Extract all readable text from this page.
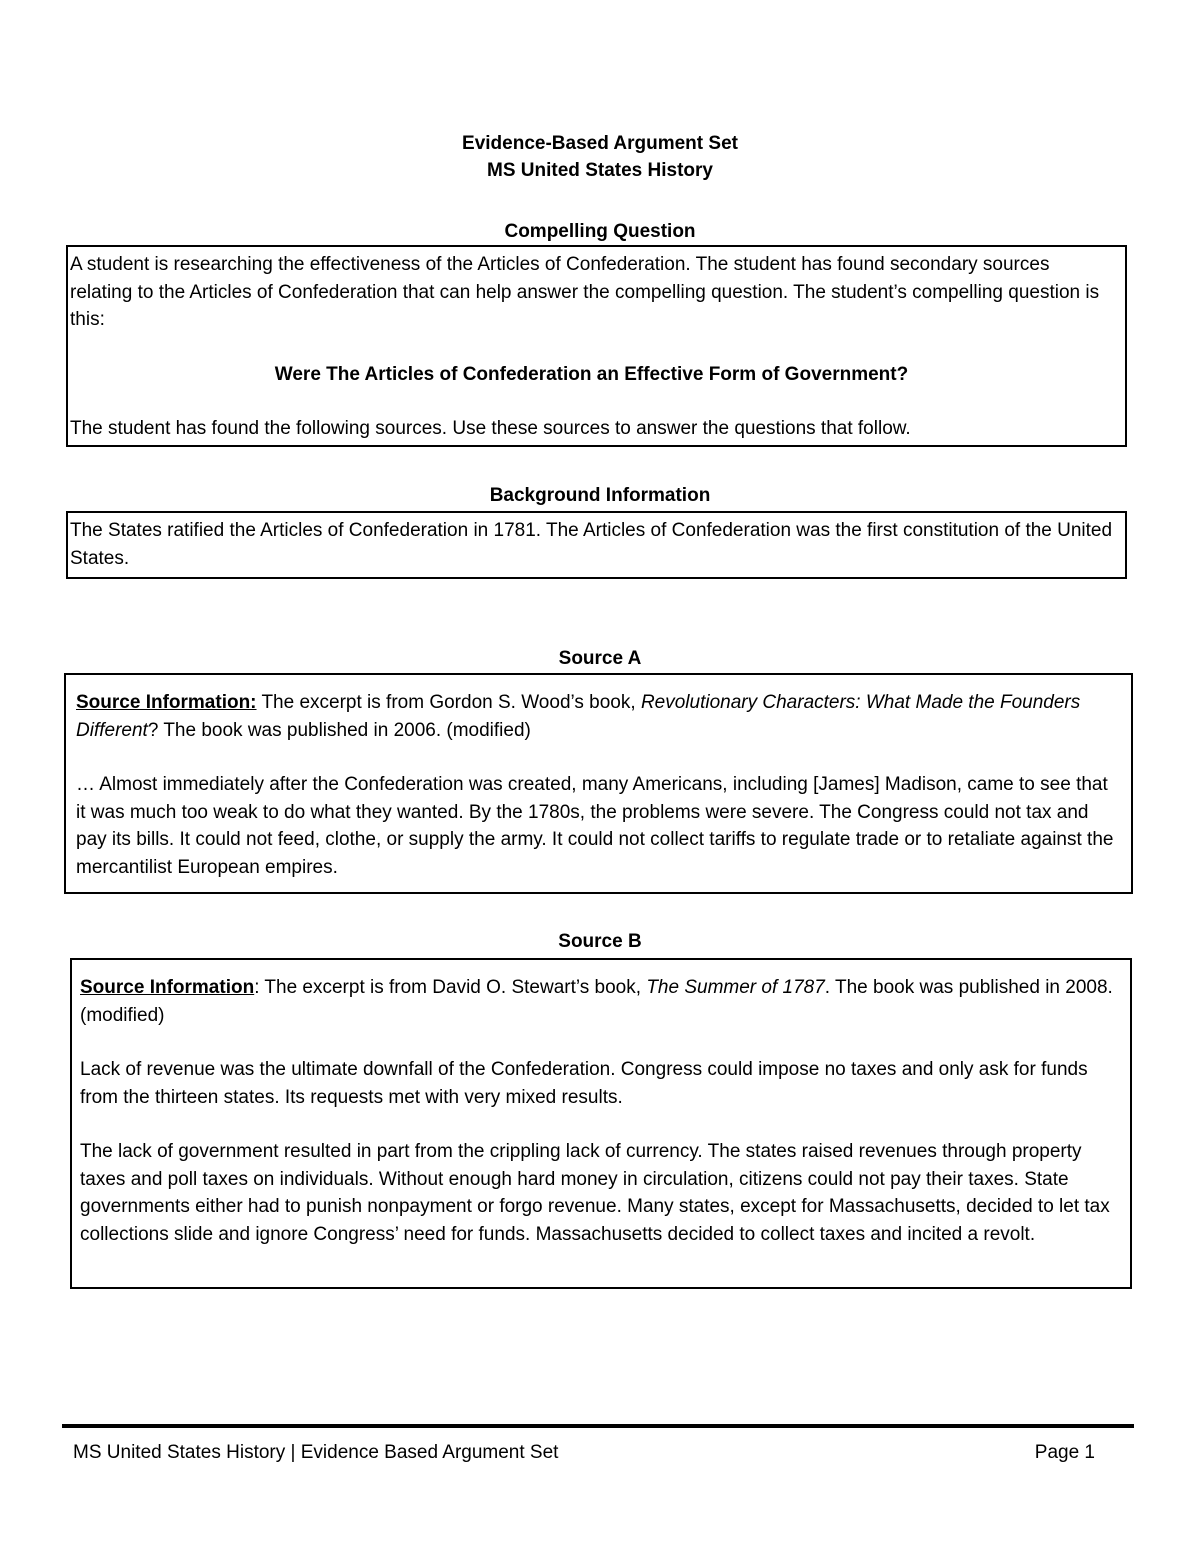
Evidence-Based Argument Set
MS United States History
Compelling Question

A student is researching the effectiveness of the Articles of Confederation. The student has found secondary sources relating to the Articles of Confederation that can help answer the compelling question. The student’s compelling question is this:

Were The Articles of Confederation an Effective Form of Government?

The student has found the following sources. Use these sources to answer the questions that follow.

Background Information

The States ratified the Articles of Confederation in 1781. The Articles of Confederation was the first constitution of the United States.

Source A

Source Information: The excerpt is from Gordon S. Wood’s book, Revolutionary Characters: What Made the Founders Different? The book was published in 2006. (modified)

… Almost immediately after the Confederation was created, many Americans, including [James] Madison, came to see that it was much too weak to do what they wanted. By the 1780s, the problems were severe. The Congress could not tax and pay its bills. It could not feed, clothe, or supply the army. It could not collect tariffs to regulate trade or to retaliate against the mercantilist European empires.

Source B

Source Information: The excerpt is from David O. Stewart’s book, The Summer of 1787. The book was published in 2008. (modified)

Lack of revenue was the ultimate downfall of the Confederation. Congress could impose no taxes and only ask for funds from the thirteen states. Its requests met with very mixed results.

The lack of government resulted in part from the crippling lack of currency. The states raised revenues through property taxes and poll taxes on individuals. Without enough hard money in circulation, citizens could not pay their taxes. State governments either had to punish nonpayment or forgo revenue. Many states, except for Massachusetts, decided to let tax collections slide and ignore Congress’ need for funds. Massachusetts decided to collect taxes and incited a revolt.

MS United States History | Evidence Based Argument Set	Page 1
